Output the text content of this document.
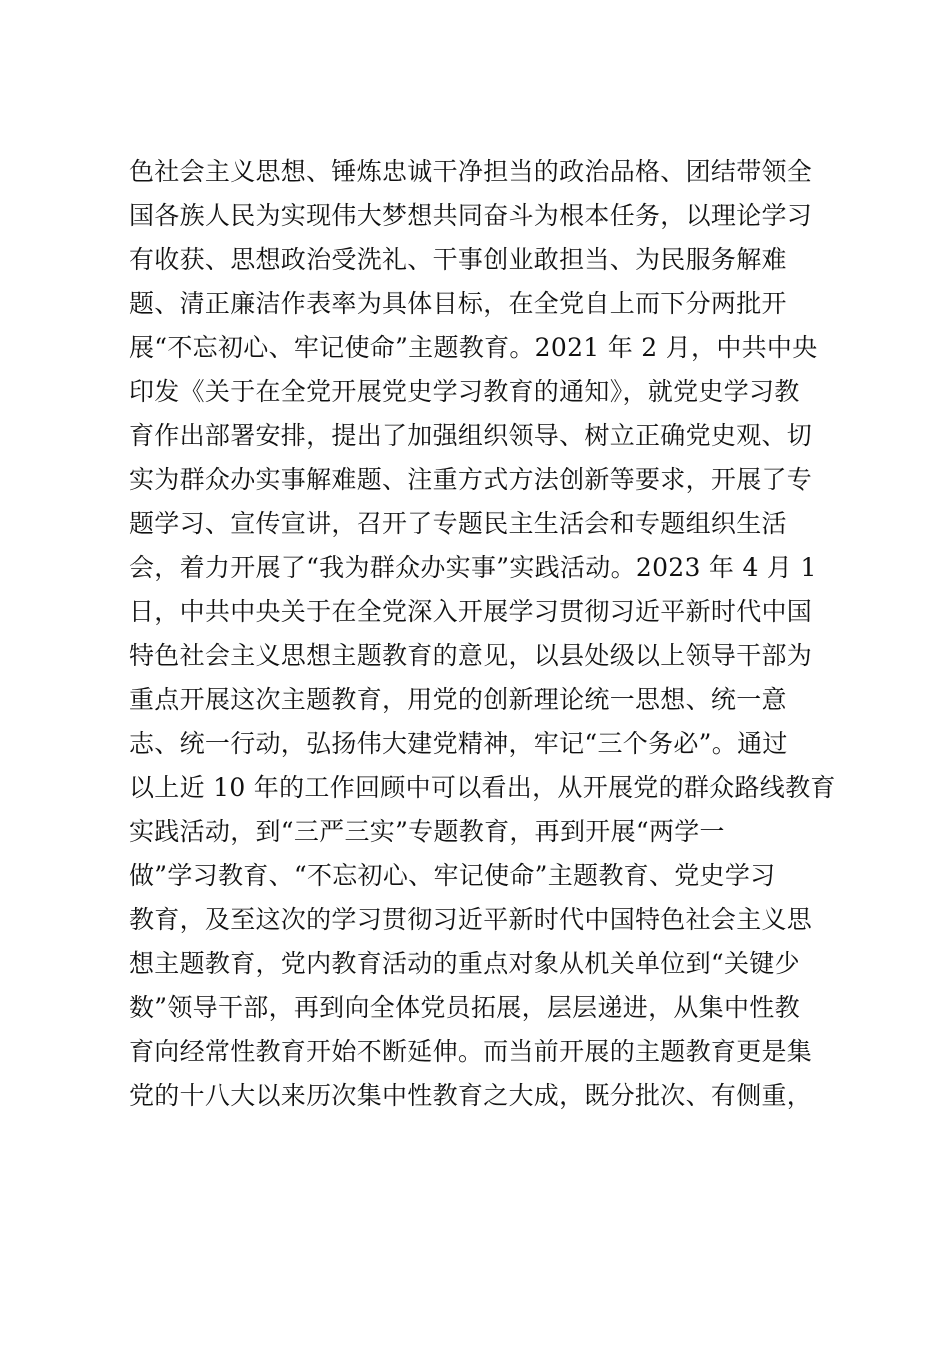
色社会主义思想、锤炼忠诚干净担当的政治品格、团结带领全
国各族人民为实现伟大梦想共同奋斗为根本任务，以理论学习
有收获、思想政治受洗礼、干事创业敢担当、为民服务解难
题、清正廉洁作表率为具体目标，在全党自上而下分两批开
展“不忘初心、牢记使命”主题教育。2021 年 2 月，中共中央
印发《关于在全党开展党史学习教育的通知》，就党史学习教
育作出部署安排，提出了加强组织领导、树立正确党史观、切
实为群众办实事解难题、注重方式方法创新等要求，开展了专
题学习、宣传宣讲，召开了专题民主生活会和专题组织生活
会，着力开展了“我为群众办实事”实践活动。2023 年 4 月 1
日，中共中央关于在全党深入开展学习贯彻习近平新时代中国
特色社会主义思想主题教育的意见，以县处级以上领导干部为
重点开展这次主题教育，用党的创新理论统一思想、统一意
志、统一行动，弘扬伟大建党精神，牢记“三个务必”。通过
以上近 10 年的工作回顾中可以看出，从开展党的群众路线教育
实践活动，到“三严三实”专题教育，再到开展“两学一
做”学习教育、“不忘初心、牢记使命”主题教育、党史学习
教育，及至这次的学习贯彻习近平新时代中国特色社会主义思
想主题教育，党内教育活动的重点对象从机关单位到“关键少
数”领导干部，再到向全体党员拓展，层层递进，从集中性教
育向经常性教育开始不断延伸。而当前开展的主题教育更是集
党的十八大以来历次集中性教育之大成，既分批次、有侧重，
